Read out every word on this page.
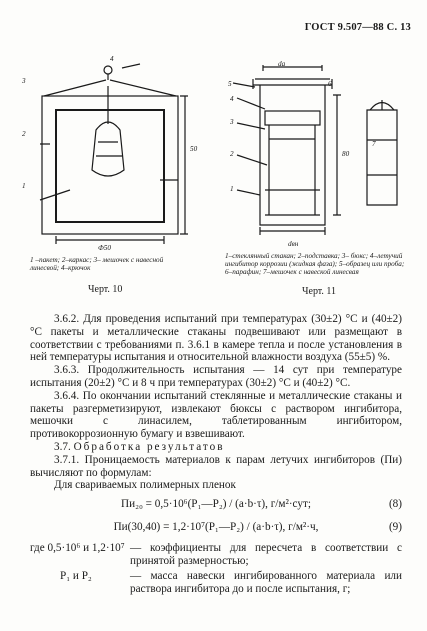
ГОСТ 9.507—88 С. 13
4
3
2
1
50
Ф50
1 –пакет; 2–каркас; 3– мешочек с навесной линесвой; 4–крючок
Черт. 10
dа
5	6
4
3
2
1
80
7
dвн
1–стеклянный стакан; 2–подставка; 3– бюкс; 4–летучий ингибитор коррозии (жидкая фаза); 5–образец или проба; 6–парафин; 7–мешочек с навеской линесвая
Черт. 11

3.6.2. Для проведения испытаний при температурах (30±2) °C и (40±2) °C пакеты и металлические стаканы подвешивают или размещают в соответствии с требованиями п. 3.6.1 в камере тепла и после установления в ней температуры испытания и относительной влажности воздуха (55±5) %.

3.6.3. Продолжительность испытания — 14 сут при температуре испытания (20±2) °C и 8 ч при температурах (30±2) °C и (40±2) °C.

3.6.4. По окончании испытаний стеклянные и металлические стаканы и пакеты разгерметизируют, извлекают бюксы с раствором ингибитора, мешочки с линасилем, таблетированным ингибитором, противокоррозионную бумагу и взвешивают.

3.7. Обработка результатов

3.7.1. Проницаемость материалов к парам летучих ингибиторов (Пи) вычисляют по формулам:

Для свариваемых полимерных пленок

Пи₂₀ = 0,5·10⁶(P₁—P₂) / (a·b·τ), г/м²·сут;	(8)

Пи(30,40) = 1,2·10⁷(P₁—P₂) / (a·b·τ), г/м²·ч,	(9)

где 0,5·10⁶ и 1,2·10⁷ — коэффициенты для пересчета в соответствии с принятой размерностью;

P₁ и P₂	— масса навески ингибированного материала или раствора ингибитора до и после испытания, г;
